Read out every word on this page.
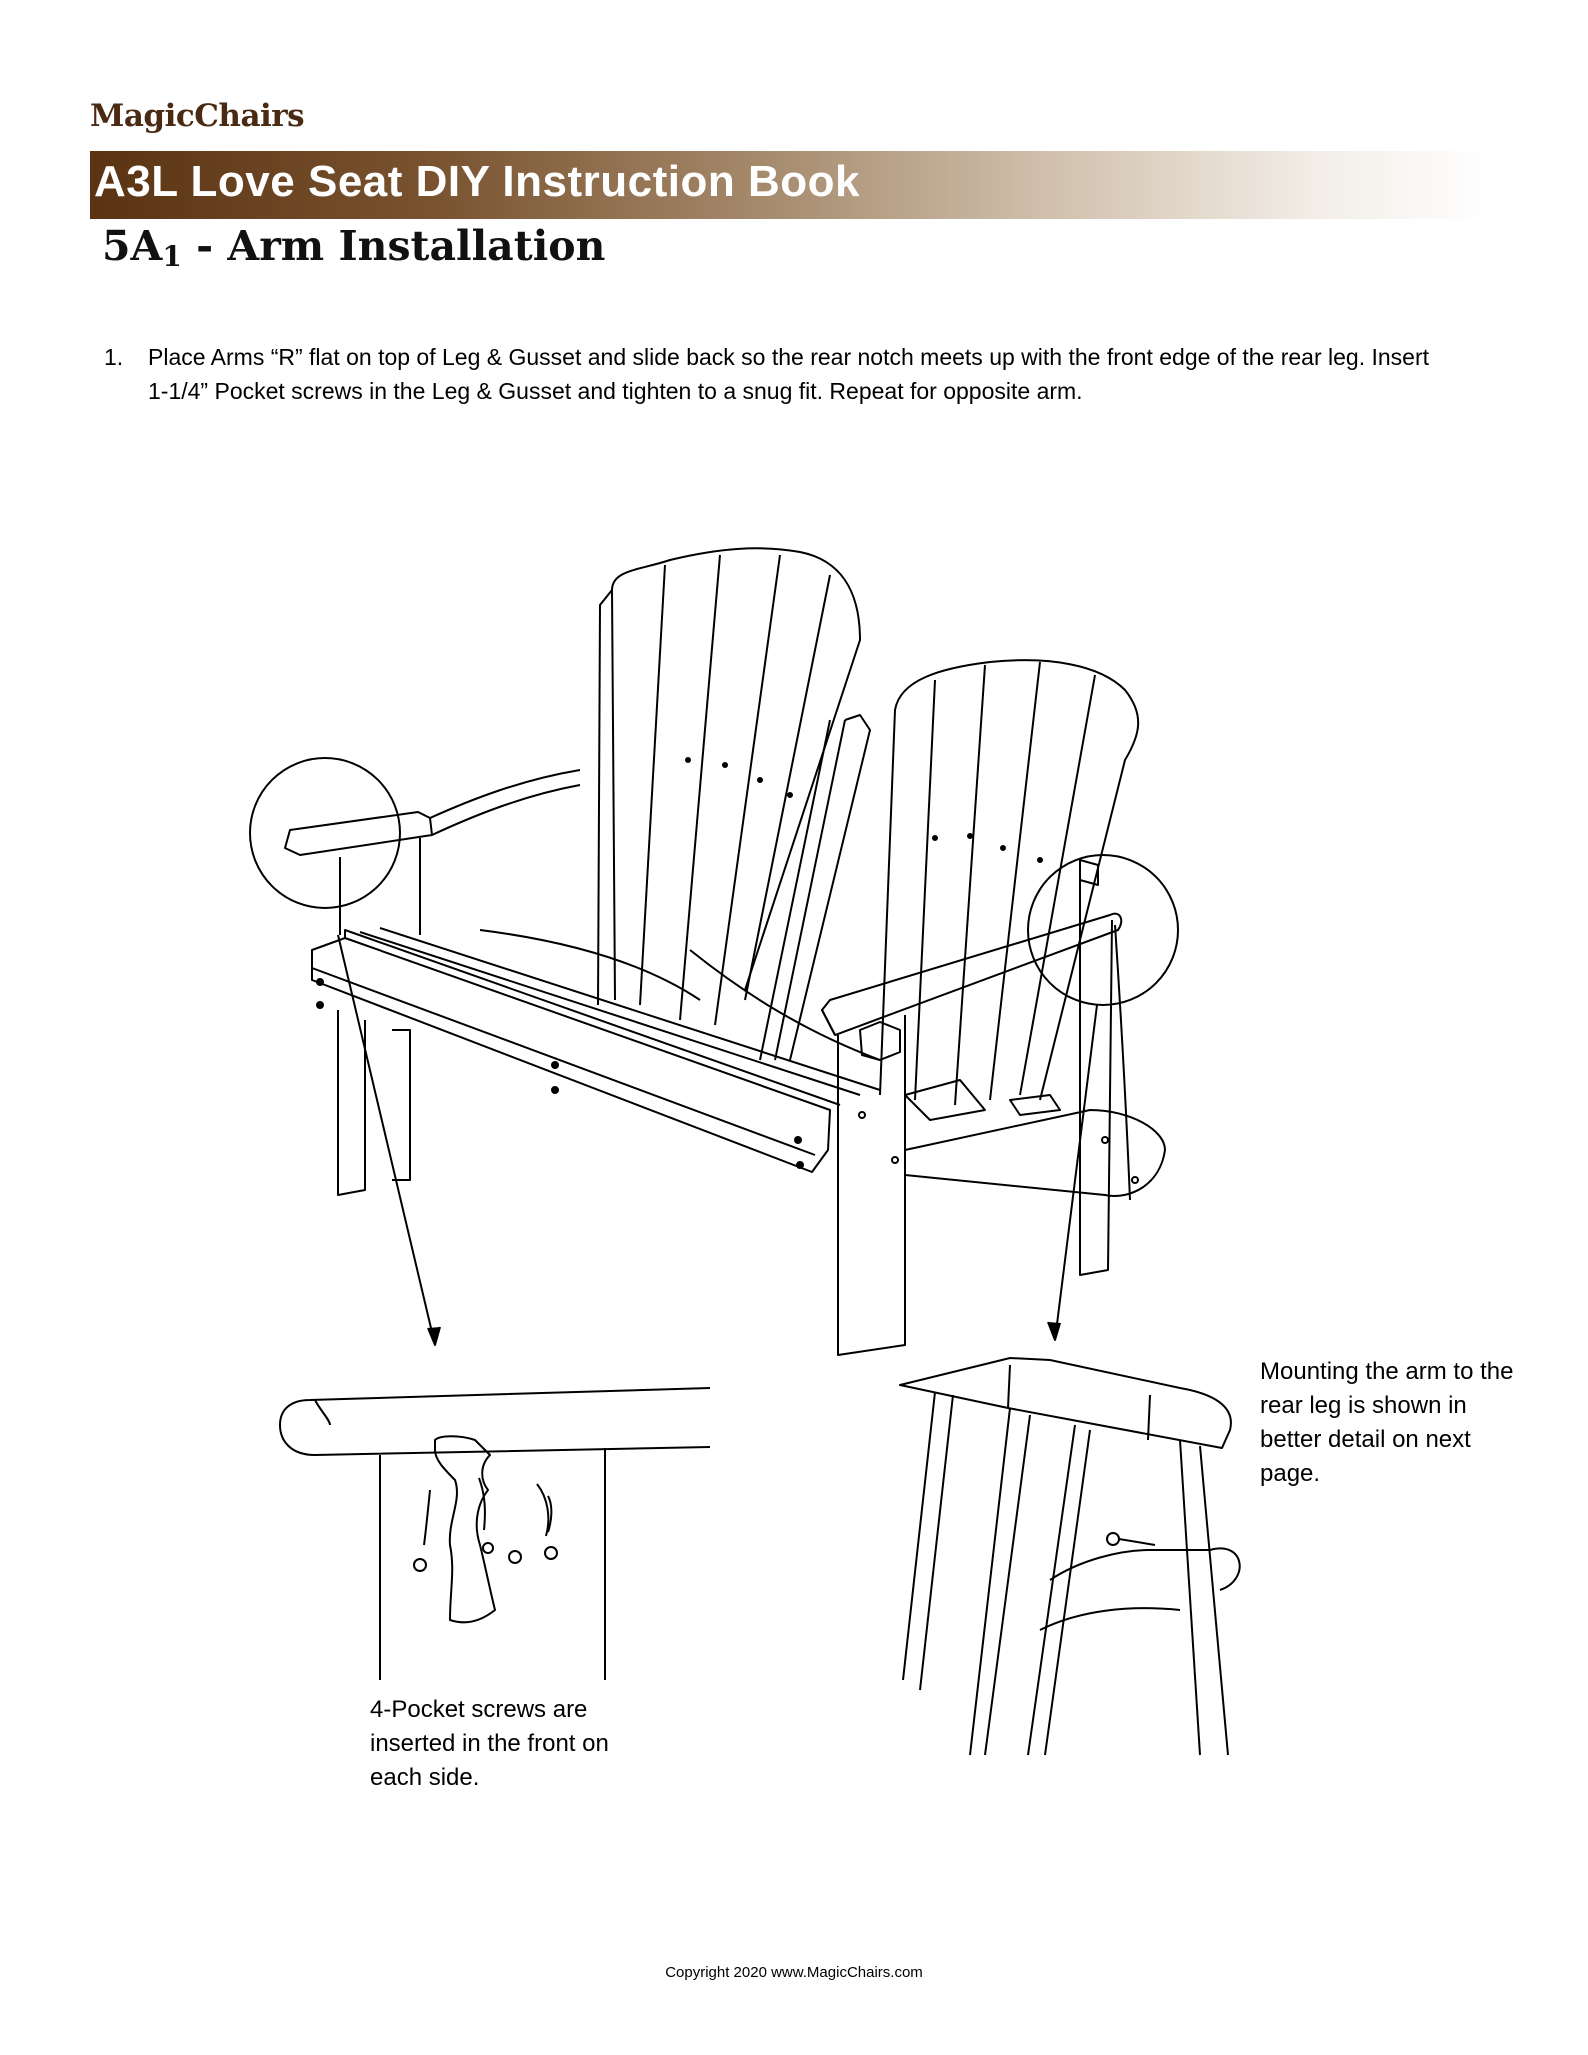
MagicChairs
A3L Love Seat DIY Instruction Book
$5A_1$ - Arm Installation
1. Place Arms “R” flat on top of Leg & Gusset and slide back so the rear notch meets up with the front edge of the rear leg. Insert 1-1/4” Pocket screws in the Leg & Gusset and tighten to a snug fit. Repeat for opposite arm.
Mounting the arm to the rear leg is shown in better detail on next page.
4-Pocket screws are inserted in the front on each side.
Copyright 2020 www.MagicChairs.com
